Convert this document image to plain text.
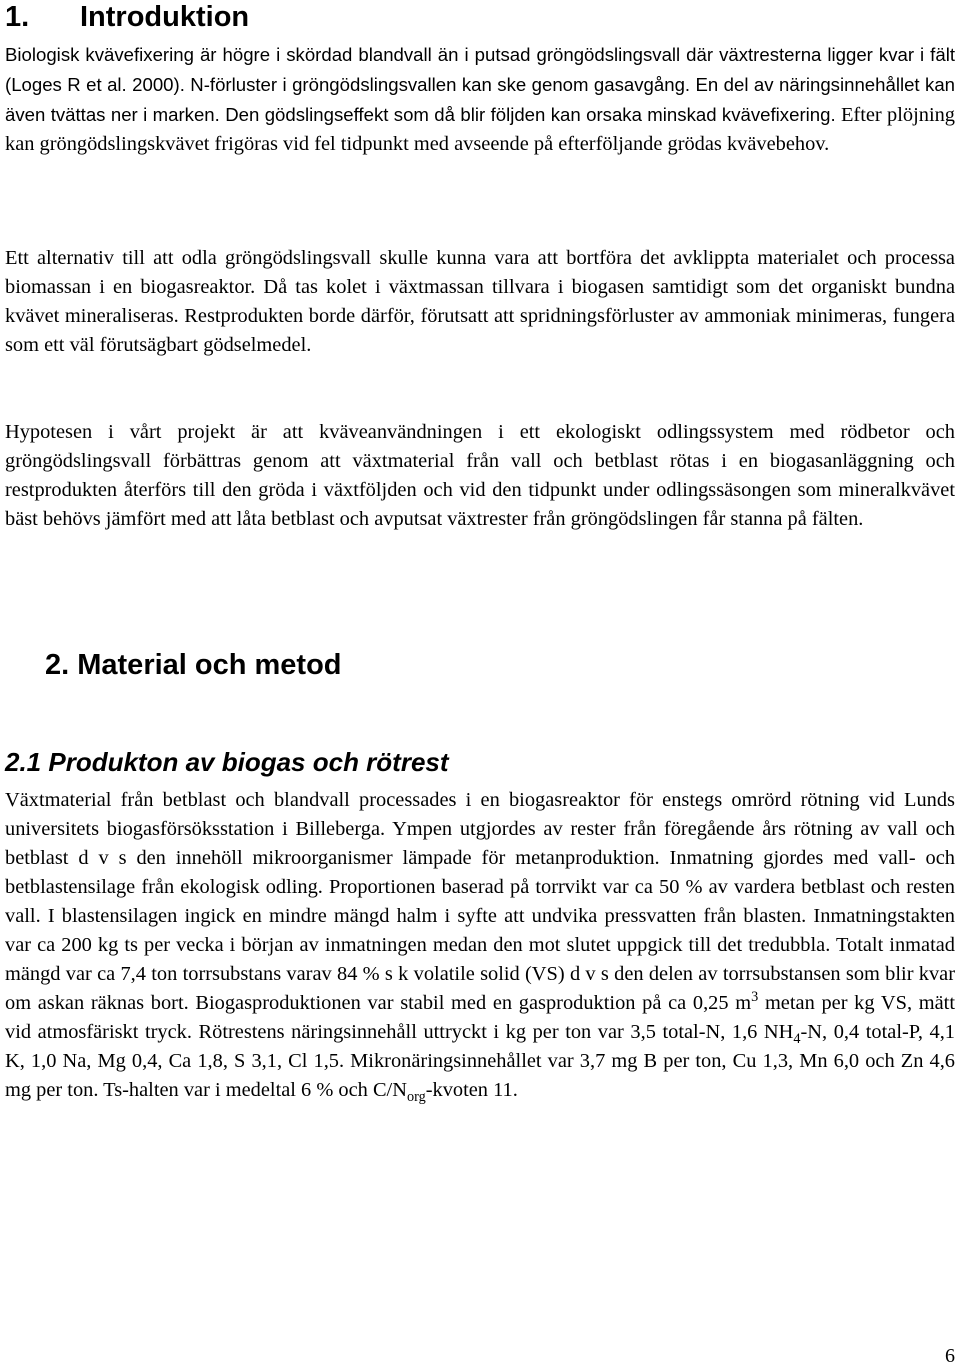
1. Introduktion

Biologisk kvävefixering är högre i skördad blandvall än i putsad gröngödslingsvall där växtresterna ligger kvar i fält (Loges R et al. 2000). N-förluster i gröngödslingsvallen kan ske genom gasavgång. En del av näringsinnehållet kan även tvättas ner i marken. Den gödslingseffekt som då blir följden kan orsaka minskad kvävefixering. Efter plöjning kan gröngödslingskvävet frigöras vid fel tidpunkt med avseende på efterföljande grödas kvävebehov.

Ett alternativ till att odla gröngödslingsvall skulle kunna vara att bortföra det avklippta materialet och processa biomassan i en biogasreaktor. Då tas kolet i växtmassan tillvara i biogasen samtidigt som det organiskt bundna kvävet mineraliseras. Restprodukten borde därför, förutsatt att spridningsförluster av ammoniak minimeras, fungera som ett väl förutsägbart gödselmedel.

Hypotesen i vårt projekt är att kväveanvändningen i ett ekologiskt odlingssystem med rödbetor och gröngödslingsvall förbättras genom att växtmaterial från vall och betblast rötas i en biogasanläggning och restprodukten återförs till den gröda i växtföljden och vid den tidpunkt under odlingssäsongen som mineralkvävet bäst behövs jämfört med att låta betblast och avputsat växtrester från gröngödslingen får stanna på fälten.

2. Material och metod
2.1 Produkton av biogas och rötrest

Växtmaterial från betblast och blandvall processades i en biogasreaktor för enstegs omrörd rötning vid Lunds universitets biogasförsöksstation i Billeberga. Ympen utgjordes av rester från föregående års rötning av vall och betblast d v s den innehöll mikroorganismer lämpade för metanproduktion. Inmatning gjordes med vall- och betblastensilage från ekologisk odling. Proportionen baserad på torrvikt var ca 50 % av vardera betblast och resten vall. I blastensilagen ingick en mindre mängd halm i syfte att undvika pressvatten från blasten. Inmatningstakten var ca 200 kg ts per vecka i början av inmatningen medan den mot slutet uppgick till det tredubbla. Totalt inmatad mängd var ca 7,4 ton torrsubstans varav 84 % s k volatile solid (VS) d v s den delen av torrsubstansen som blir kvar om askan räknas bort. Biogasproduktionen var stabil med en gasproduktion på ca 0,25 $m^3$ metan per kg VS, mätt vid atmosfäriskt tryck. Rötrestens näringsinnehåll uttryckt i kg per ton var 3,5 total-N, 1,6 $NH_4-N$, 0,4 total-P, 4,1 K, 1,0 Na, Mg 0,4, Ca 1,8, S 3,1, Cl 1,5. Mikronäringsinnehållet var 3,7 mg B per ton, Cu 1,3, Mn 6,0 och Zn 4,6 mg per ton. Ts-halten var i medeltal 6 % och $C/N_{org}$-kvoten 11.

6
